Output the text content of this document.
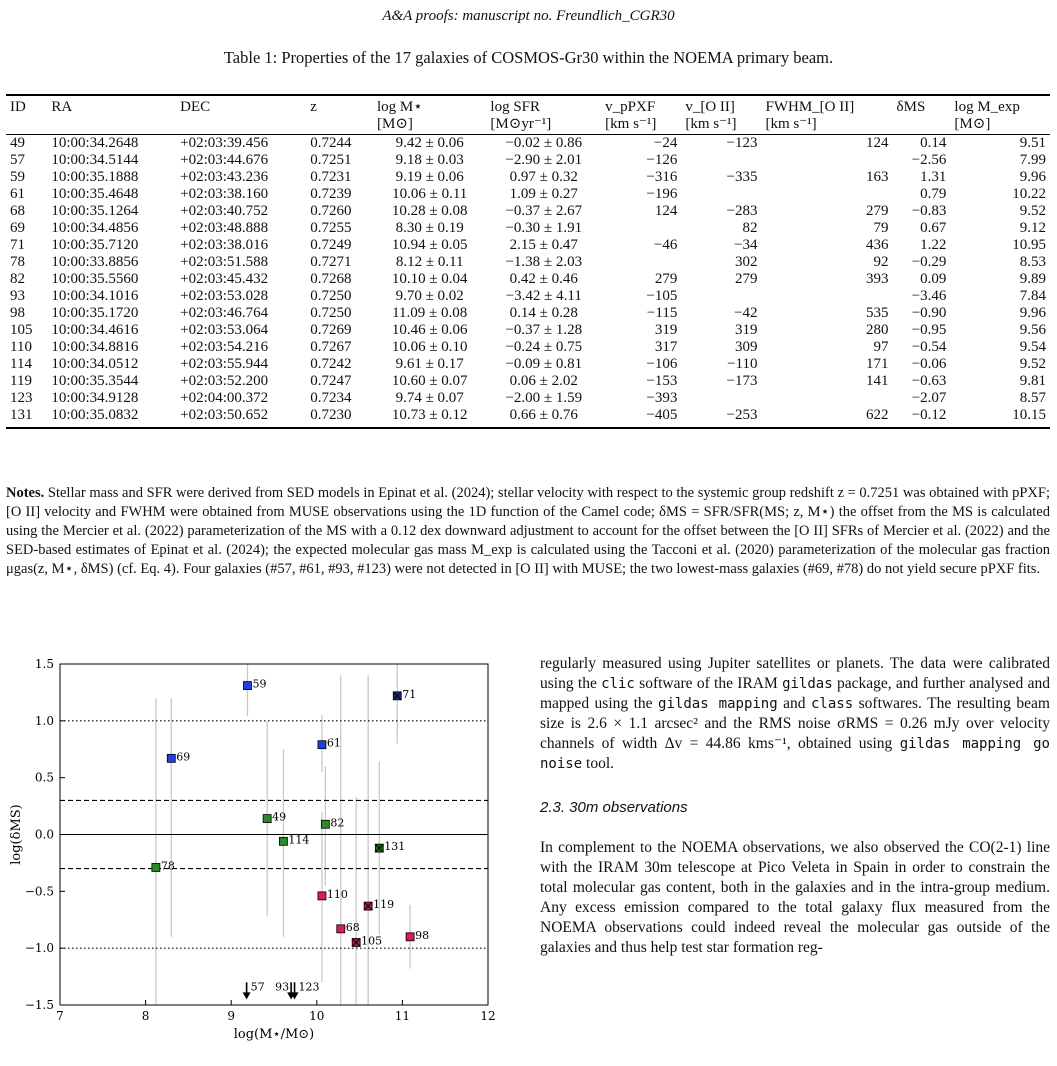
A&A proofs: manuscript no. Freundlich_CGR30
Table 1: Properties of the 17 galaxies of COSMOS-Gr30 within the NOEMA primary beam.
ID	RA	DEC	z	log M⋆	log SFR	v_pPXF	v_[O II]	FWHM_[O II]	δMS	log M_exp
				[M⊙]	[M⊙yr⁻¹]	[km s⁻¹]	[km s⁻¹]	[km s⁻¹]		[M⊙]
49	10:00:34.2648	+02:03:39.456	0.7244	9.42 ± 0.06	−0.02 ± 0.86	−24	−123	124	0.14	9.51
57	10:00:34.5144	+02:03:44.676	0.7251	9.18 ± 0.03	−2.90 ± 2.01	−126			−2.56	7.99
59	10:00:35.1888	+02:03:43.236	0.7231	9.19 ± 0.06	0.97 ± 0.32	−316	−335	163	1.31	9.96
61	10:00:35.4648	+02:03:38.160	0.7239	10.06 ± 0.11	1.09 ± 0.27	−196			0.79	10.22
68	10:00:35.1264	+02:03:40.752	0.7260	10.28 ± 0.08	−0.37 ± 2.67	124	−283	279	−0.83	9.52
69	10:00:34.4856	+02:03:48.888	0.7255	8.30 ± 0.19	−0.30 ± 1.91		82	79	0.67	9.12
71	10:00:35.7120	+02:03:38.016	0.7249	10.94 ± 0.05	2.15 ± 0.47	−46	−34	436	1.22	10.95
78	10:00:33.8856	+02:03:51.588	0.7271	8.12 ± 0.11	−1.38 ± 2.03		302	92	−0.29	8.53
82	10:00:35.5560	+02:03:45.432	0.7268	10.10 ± 0.04	0.42 ± 0.46	279	279	393	0.09	9.89
93	10:00:34.1016	+02:03:53.028	0.7250	9.70 ± 0.02	−3.42 ± 4.11	−105			−3.46	7.84
98	10:00:35.1720	+02:03:46.764	0.7250	11.09 ± 0.08	0.14 ± 0.28	−115	−42	535	−0.90	9.96
105	10:00:34.4616	+02:03:53.064	0.7269	10.46 ± 0.06	−0.37 ± 1.28	319	319	280	−0.95	9.56
110	10:00:34.8816	+02:03:54.216	0.7267	10.06 ± 0.10	−0.24 ± 0.75	317	309	97	−0.54	9.54
114	10:00:34.0512	+02:03:55.944	0.7242	9.61 ± 0.17	−0.09 ± 0.81	−106	−110	171	−0.06	9.52
119	10:00:35.3544	+02:03:52.200	0.7247	10.60 ± 0.07	0.06 ± 2.02	−153	−173	141	−0.63	9.81
123	10:00:34.9128	+02:04:00.372	0.7234	9.74 ± 0.07	−2.00 ± 1.59	−393			−2.07	8.57
131	10:00:35.0832	+02:03:50.652	0.7230	10.73 ± 0.12	0.66 ± 0.76	−405	−253	622	−0.12	10.15
Notes. Stellar mass and SFR were derived from SED models in Epinat et al. (2024); stellar velocity with respect to the systemic group redshift z = 0.7251 was obtained with pPXF; [O II] velocity and FWHM were obtained from MUSE observations using the 1D function of the Camel code; δMS = SFR/SFR(MS; z, M⋆) the offset from the MS is calculated using the Mercier et al. (2022) parameterization of the MS with a 0.12 dex downward adjustment to account for the offset between the [O II] SFRs of Mercier et al. (2022) and the SED-based estimates of Epinat et al. (2024); the expected molecular gas mass M_exp is calculated using the Tacconi et al. (2020) parameterization of the molecular gas fraction μgas(z, M⋆, δMS) (cf. Eq. 4). Four galaxies (#57, #61, #93, #123) were not detected in [O II] with MUSE; the two lowest-mass galaxies (#69, #78) do not yield secure pPXF fits.
7	8	9	10	11	12
−1.5
−1.0
−0.5
0.0
0.5
1.0
1.5
log(M⋆/M⊙)
log(δMS)
59
71
61
69
49	82
114
131
78
110
119
68
105	98
57 93 123

regularly measured using Jupiter satellites or planets. The data were calibrated using the clic software of the IRAM gildas package, and further analysed and mapped using the gildas mapping and class softwares. The resulting beam size is 2.6 × 1.1 arcsec² and the RMS noise σRMS = 0.26 mJy over velocity channels of width Δv = 44.86 kms⁻¹, obtained using gildas mapping go noise tool.

2.3. 30m observations

In complement to the NOEMA observations, we also observed the CO(2-1) line with the IRAM 30m telescope at Pico Veleta in Spain in order to constrain the total molecular gas content, both in the galaxies and in the intra-group medium. Any excess emission compared to the total galaxy flux measured from the NOEMA observations could indeed reveal the molecular gas outside of the galaxies and thus help test star formation reg-
